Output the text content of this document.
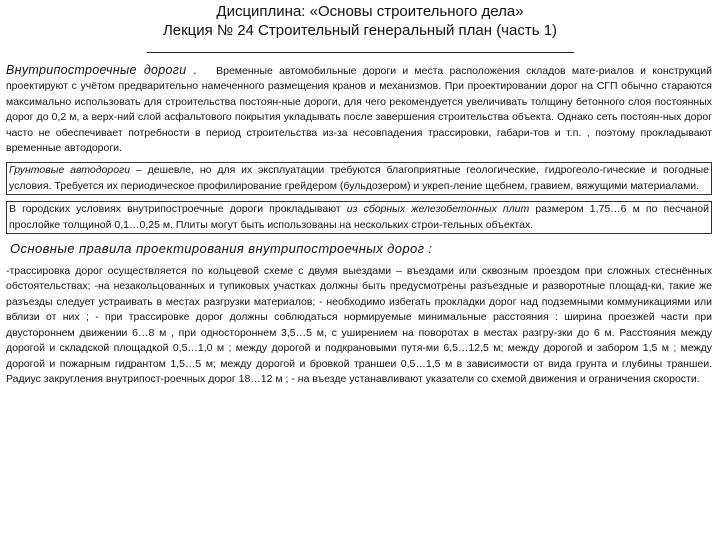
Дисциплина: «Основы строительного дела»
Лекция № 24 Строительный генеральный план (часть 1)

Внутрипостроечные дороги . Временные автомобильные дороги и места расположения складов мате-риалов и конструкций проектируют с учётом предварительно намеченного размещения кранов и механизмов. При проектировании дорог на СГП обычно стараются максимально использовать для строительства постоян-ные дороги, для чего рекомендуется увеличивать толщину бетонного слоя постоянных дорог до 0,2 м, а верх-ний слой асфальтового покрытия укладывать после завершения строительства объекта. Однако сеть постоян-ных дорог часто не обеспечивает потребности в период строительства из-за несовпадения трассировки, габари-тов и т.п. , поэтому прокладывают временные автодороги.

Грунтовые автодороги – дешевле, но для их эксплуатации требуются благоприятные геологические, гидрогеоло-гические и погодные условия. Требуется их периодическое профилирование грейдером (бульдозером) и укреп-ление щебнем, гравием, вяжущими материалами.

В городских условиях внутрипостроечные дороги прокладывают из сборных железобетонных плит размером 1,75…6 м по песчаной прослойке толщиной 0,1…0,25 м. Плиты могут быть использованы на нескольких строи-тельных объектах.

Основные правила проектирования внутрипостроечных дорог :

-трассировка дорог осуществляется по кольцевой схеме с двумя выездами – въездами или сквозным проездом при сложных стеснённых обстоятельствах; -на незакольцованных и тупиковых участках должны быть предусмотрены разъездные и разворотные площад-ки, такие же разъезды следует устраивать в местах разгрузки материалов; - необходимо избегать прокладки дорог над подземными коммуникациями или вблизи от них ; - при трассировке дорог должны соблюдаться нормируемые минимальные расстояния : ширина проезжей части при двустороннем движении 6…8 м , при одностороннем 3,5…5 м, с уширением на поворотах в местах разгру-зки до 6 м. Расстояния между дорогой и складской площадкой 0,5…1,0 м ; между дорогой и подкрановыми путя-ми 6,5…12,5 м; между дорогой и забором 1,5 м ; между дорогой и пожарным гидрантом 1,5…5 м; между дорогой и бровкой траншеи 0,5…1,5 м в зависимости от вида грунта и глубины траншеи. Радиус закругления внутрипост-роечных дорог 18…12 м ; - на въезде устанавливают указатели со схемой движения и ограничения скорости.
